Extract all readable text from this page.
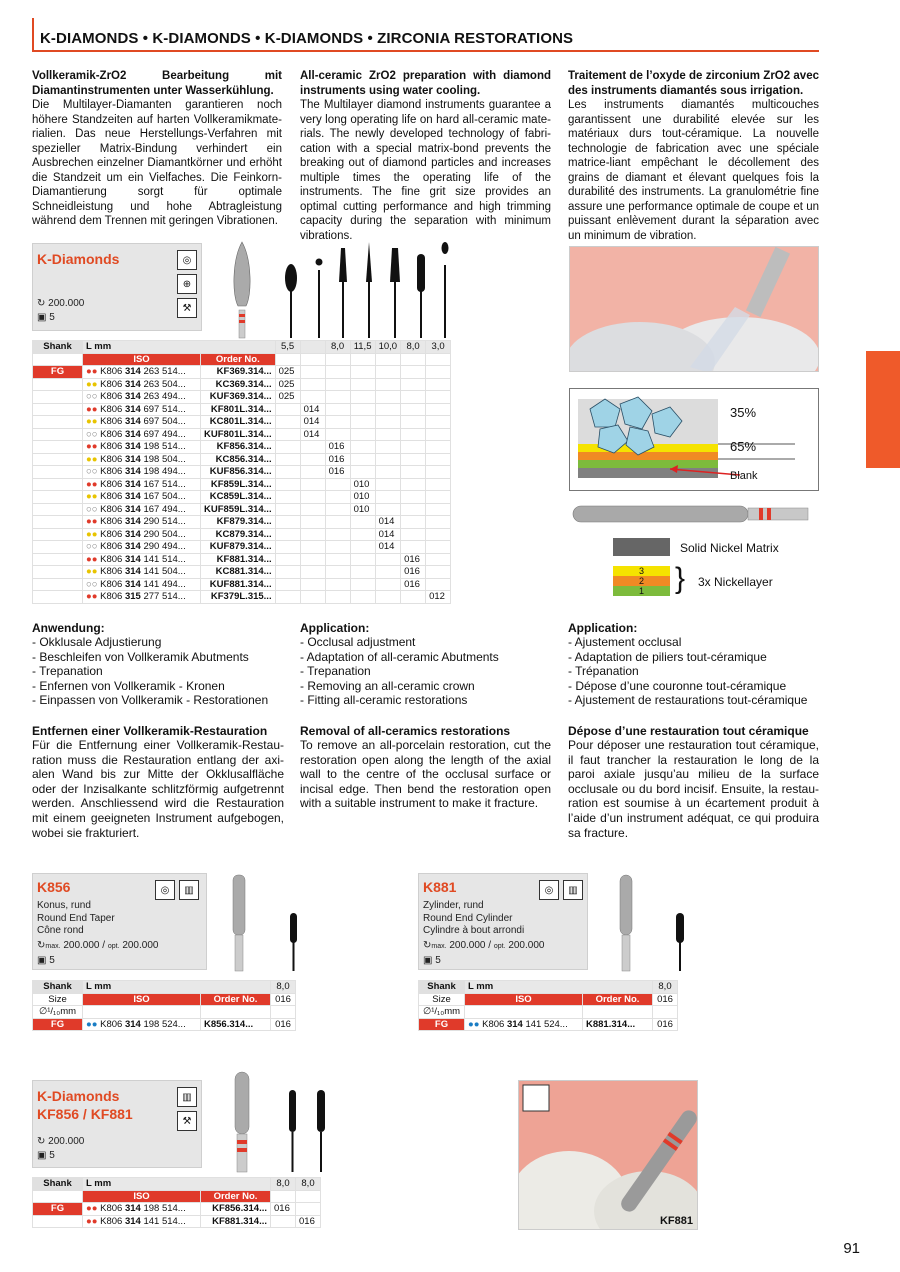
K-DIAMONDS • K-DIAMONDS • K-DIAMONDS • ZIRCONIA RESTORATIONS
Vollkeramik-ZrO2 Bearbeitung mit Diamantinstrumenten unter Wasserkühlung.
Die Multilayer-Diamanten garantieren noch höhere Standzeiten auf harten Vollkeramikmaterialien. Das neue Herstellungs-Verfahren mit spezieller Matrix-Bindung verhindert ein Ausbrechen einzelner Diamantkörner und erhöht die Standzeit um ein Vielfaches. Die Feinkorn-Diamantierung sorgt für optimale Schneidleistung und hohe Abtragleistung während dem Trennen mit geringen Vibrationen.
All-ceramic ZrO2 preparation with diamond instruments using water cooling.
The Multilayer diamond instruments guarantee a very long operating life on hard all-ceramic materials. The newly developed technology of fabrication with a special matrix-bond prevents the breaking out of diamond particles and increases multiple times the operating life of the instruments. The fine grit size provides an optimal cutting performance and high trimming capacity during the separation with minimum vibrations.
Traitement de l’oxyde de zirconium ZrO2 avec des instruments diamantés sous irrigation.
Les instruments diamantés multicouches garantissent une durabilité elevée sur les matériaux durs tout-céramique. La nouvelle technologie de fabrication avec une spéciale matrice-liant empêchant le décollement des grains de diamant et élevant quelques fois la durabilité des instruments. La granulométrie fine assure une performance optimale de coupe et un puissant enlèvement durant la séparation avec un minimum de vibration.
K-Diamonds
↻ 200.000
▣ 5
◎
⊕
⚒
Shank	L mm		5,5		8,0	11,5	10,0	8,0	3,0
	ISO	Order No.							
FG	●● K806 314 263 514...	KF369.314...	025						
	●● K806 314 263 504...	KC369.314...	025						
	○○ K806 314 263 494...	KUF369.314...	025						
	●● K806 314 697 514...	KF801L.314...		014					
	●● K806 314 697 504...	KC801L.314...		014					
	○○ K806 314 697 494...	KUF801L.314...		014					
	●● K806 314 198 514...	KF856.314...			016				
	●● K806 314 198 504...	KC856.314...			016				
	○○ K806 314 198 494...	KUF856.314...			016				
	●● K806 314 167 514...	KF859L.314...				010			
	●● K806 314 167 504...	KC859L.314...				010			
	○○ K806 314 167 494...	KUF859L.314...				010			
	●● K806 314 290 514...	KF879.314...					014		
	●● K806 314 290 504...	KC879.314...					014		
	○○ K806 314 290 494...	KUF879.314...					014		
	●● K806 314 141 514...	KF881.314...						016	
	●● K806 314 141 504...	KC881.314...						016	
	○○ K806 314 141 494...	KUF881.314...						016	
	●● K806 315 277 514...	KF379L.315...							012
35%
65%
Blank
Solid Nickel Matrix
3
2
1	} 3x Nickellayer
Anwendung:
- Okklusale Adjustierung
- Beschleifen von Vollkeramik Abutments
- Trepanation
- Enfernen von Vollkeramik - Kronen
- Einpassen von Vollkeramik - Restorationen
Application:
- Occlusal adjustment
- Adaptation of all-ceramic Abutments
- Trepanation
- Removing an all-ceramic crown
- Fitting all-ceramic restorations
Application:
- Ajustement occlusal
- Adaptation de piliers tout-céramique
- Trépanation
- Dépose d’une couronne tout-céramique
- Ajustement de restaurations tout-céramique
Entfernen einer Vollkeramik-Restauration
Für die Entfernung einer Vollkeramik-Restauration muss die Restauration entlang der axialen Wand bis zur Mitte der Okklusalfläche oder der Inzisalkante schlitzförmig aufgetrennt werden. Anschliessend wird die Restauration mit einem geeigneten Instrument aufgebogen, wobei sie frakturiert.
Removal of all-ceramics restorations
To remove an all-porcelain restoration, cut the restoration open along the length of the axial wall to the centre of the occlusal surface or incisal edge. Then bend the restoration open with a suitable instrument to make it fracture.
Dépose d’une restauration tout céramique
Pour déposer une restauration tout céramique, il faut trancher la restauration le long de la paroi axiale jusqu’au milieu de la surface occlusale ou du bord incisif. Ensuite, la restauration est soumise à un écartement produit à l’aide d’un instrument adéquat, ce qui produira sa fracture.
K856
Konus, rund
Round End Taper
Cône rond
↻max. 200.000 / opt. 200.000
▣ 5
◎	▥
Shank	L mm		8,0
Size	ISO	Order No.	016
∅¹/₁₀mm			
FG	●● K806 314 198 524...	K856.314...	016
K881
Zylinder, rund
Round End Cylinder
Cylindre à bout arrondi
↻max. 200.000 / opt. 200.000
▣ 5
◎	▥
Shank	L mm		8,0
Size	ISO	Order No.	016
∅¹/₁₀mm			
FG	●● K806 314 141 524...	K881.314...	016
K-Diamonds
KF856 / KF881
↻ 200.000
▣ 5
▥
⚒
Shank	L mm		8,0	8,0
	ISO	Order No.		
FG	●● K806 314 198 514...	KF856.314...	016	
	●● K806 314 141 514...	KF881.314...		016	KF881
91
